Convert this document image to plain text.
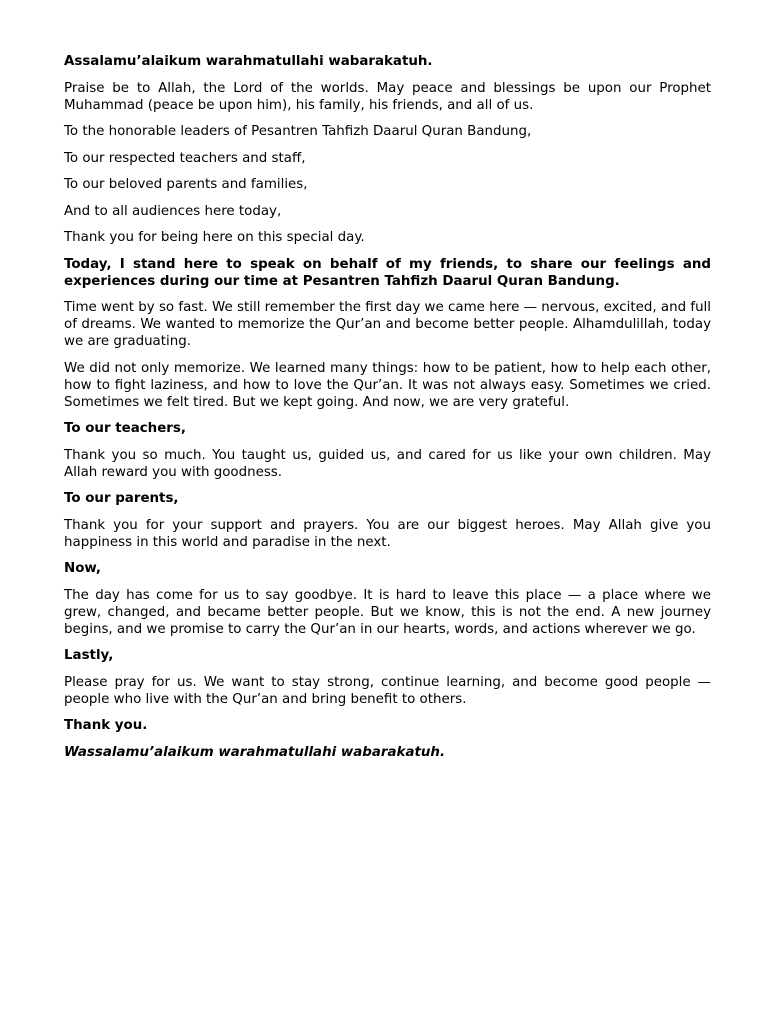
Assalamu’alaikum warahmatullahi wabarakatuh.

Praise be to Allah, the Lord of the worlds. May peace and blessings be upon our Prophet Muhammad (peace be upon him), his family, his friends, and all of us.

To the honorable leaders of Pesantren Tahfizh Daarul Quran Bandung,

To our respected teachers and staff,

To our beloved parents and families,

And to all audiences here today,

Thank you for being here on this special day.

Today, I stand here to speak on behalf of my friends, to share our feelings and experiences during our time at Pesantren Tahfizh Daarul Quran Bandung.

Time went by so fast. We still remember the first day we came here — nervous, excited, and full of dreams. We wanted to memorize the Qur’an and become better people. Alhamdulillah, today we are graduating.

We did not only memorize. We learned many things: how to be patient, how to help each other, how to fight laziness, and how to love the Qur’an. It was not always easy. Sometimes we cried. Sometimes we felt tired. But we kept going. And now, we are very grateful.

To our teachers,

Thank you so much. You taught us, guided us, and cared for us like your own children. May Allah reward you with goodness.

To our parents,

Thank you for your support and prayers. You are our biggest heroes. May Allah give you happiness in this world and paradise in the next.

Now,

The day has come for us to say goodbye. It is hard to leave this place — a place where we grew, changed, and became better people. But we know, this is not the end. A new journey begins, and we promise to carry the Qur’an in our hearts, words, and actions wherever we go.

Lastly,

Please pray for us. We want to stay strong, continue learning, and become good people — people who live with the Qur’an and bring benefit to others.

Thank you.

Wassalamu’alaikum warahmatullahi wabarakatuh.
